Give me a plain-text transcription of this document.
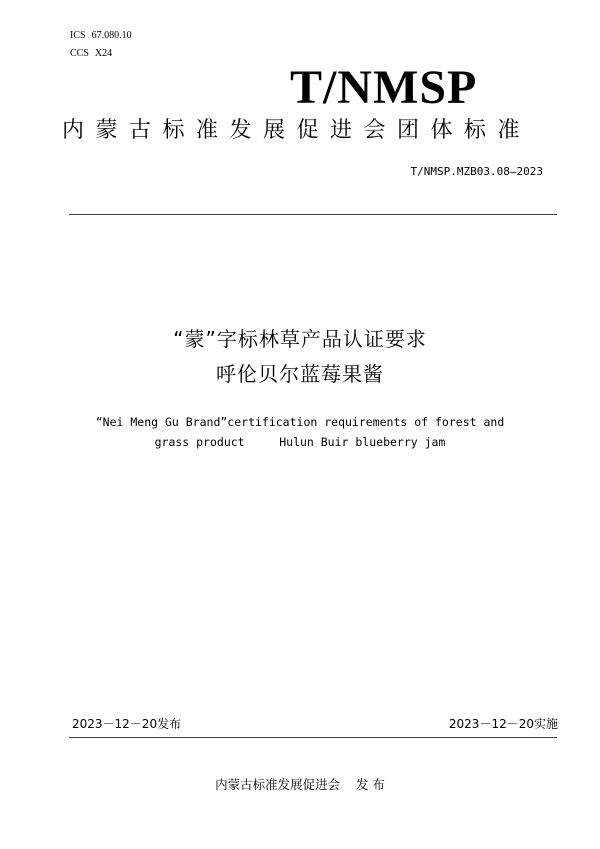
ICS 67.080.10
CCS X24
T/NMSP
内蒙古标准发展促进会团体标准
T/NMSP.MZB03.08—2023
“蒙”字标林草产品认证要求
呼伦贝尔蓝莓果酱
“Nei Meng Gu Brand”certification requirements of forest and
grass product     Hulun Buir blueberry jam
2023－12－20发布	2023－12－20实施
内蒙古标准发展促进会    发 布
